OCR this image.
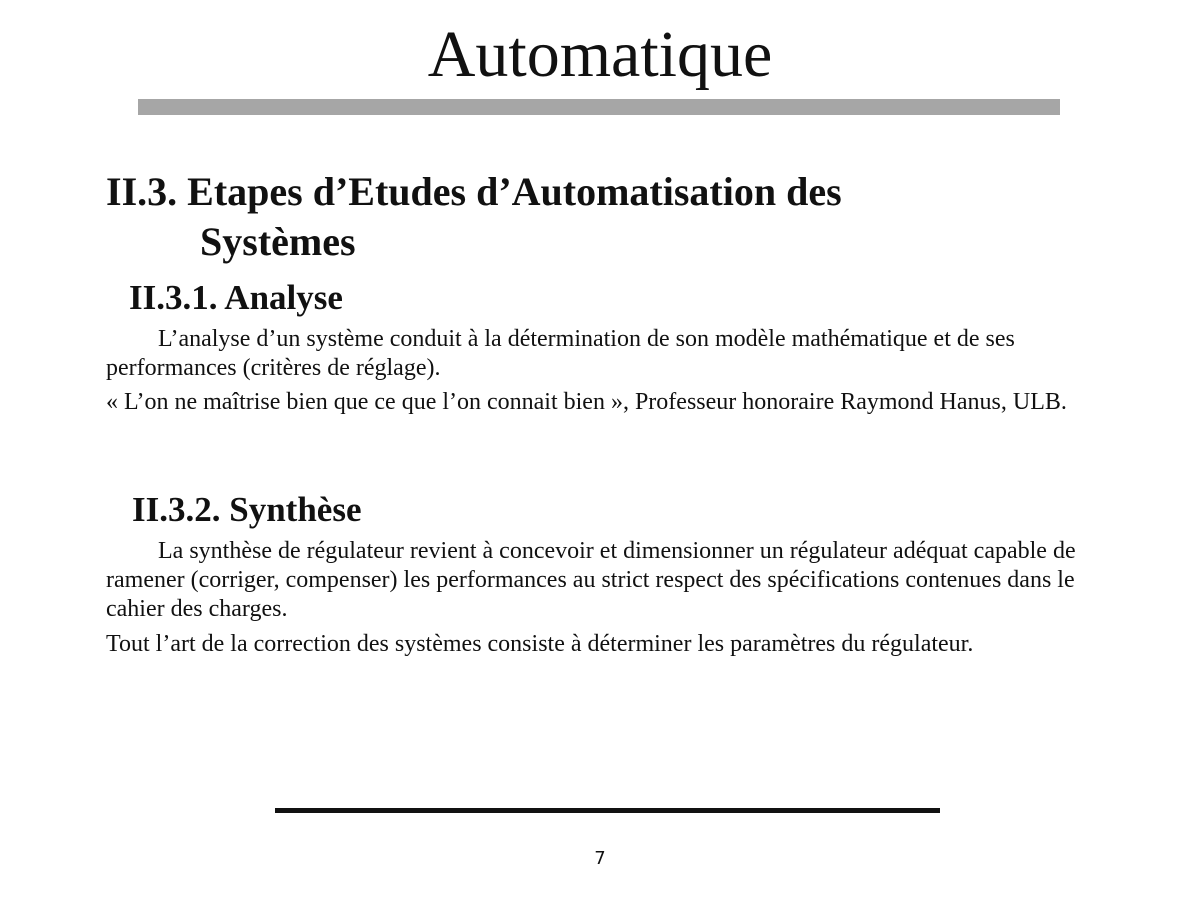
Automatique
II.3. Etapes d’Etudes d’Automatisation des
Systèmes
II.3.1. Analyse

L’analyse d’un système conduit à la détermination de son modèle mathématique et de ses performances (critères de réglage).

« L’on ne maîtrise bien que ce que l’on connait bien », Professeur honoraire Raymond Hanus, ULB.

II.3.2. Synthèse

La synthèse de régulateur revient à concevoir et dimensionner un régulateur adéquat capable de ramener (corriger, compenser) les performances au strict respect des spécifications contenues dans le cahier des charges.

Tout l’art de la correction des systèmes consiste à déterminer les paramètres du régulateur.

7
